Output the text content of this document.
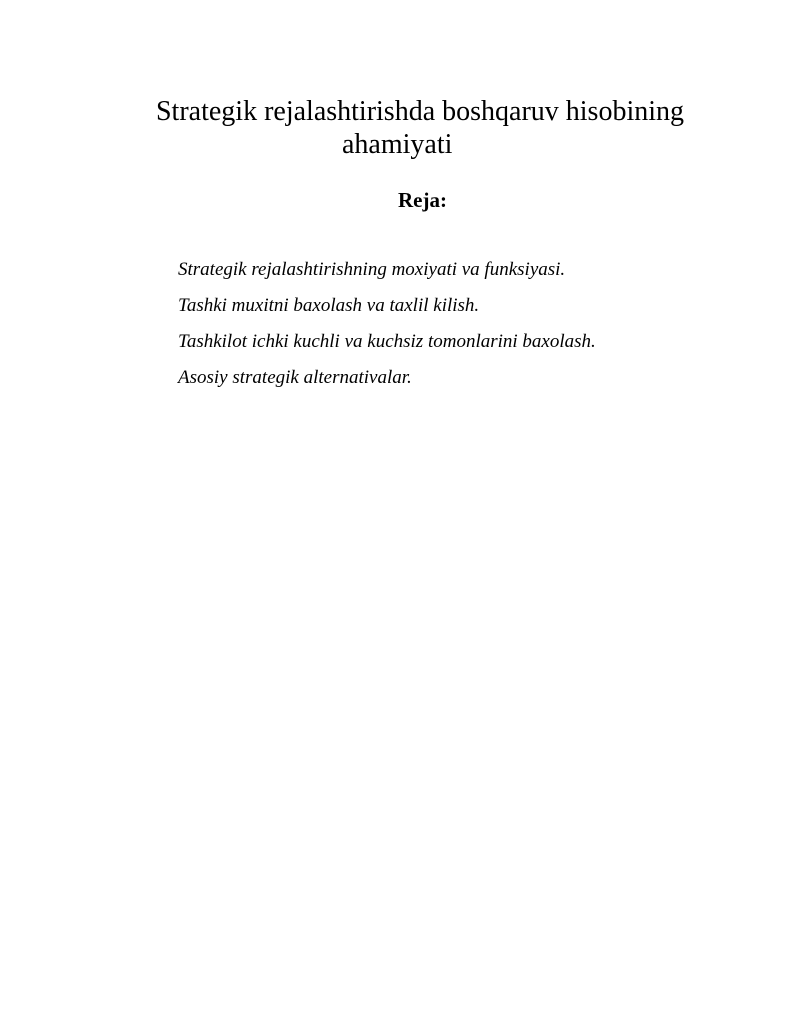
Strategik rejalashtirishda boshqaruv hisobining
ahamiyati
Reja:
Strategik rejalashtirishning moxiyati va funksiyasi.
Tashki muxitni baxolash va taxlil kilish.
Tashkilot ichki kuchli va kuchsiz tomonlarini baxolash.
Asosiy strategik alternativalar.
